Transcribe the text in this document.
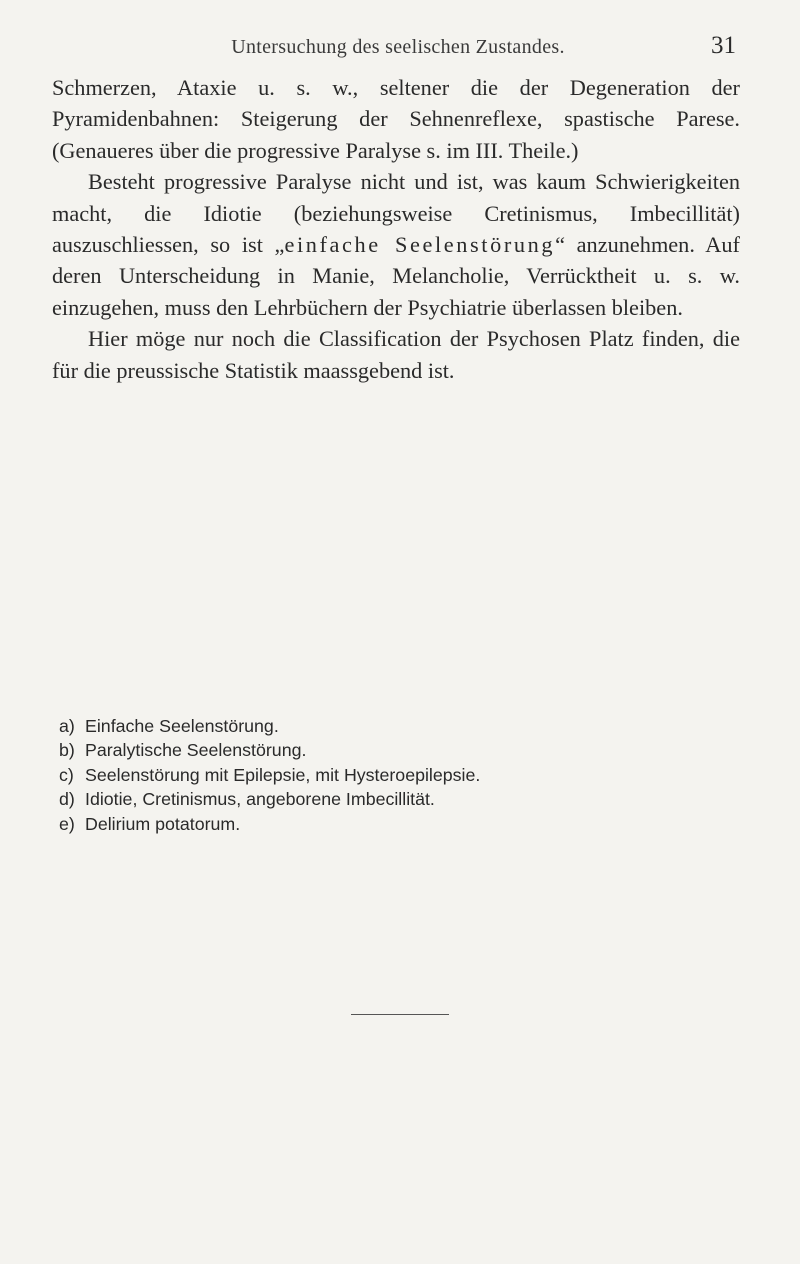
Untersuchung des seelischen Zustandes.	31

Schmerzen, Ataxie u. s. w., seltener die der Degeneration der Pyramidenbahnen: Steigerung der Sehnenreflexe, spastische Parese. (Genaueres über die progressive Paralyse s. im III. Theile.)

Besteht progressive Paralyse nicht und ist, was kaum Schwierigkeiten macht, die Idiotie (beziehungsweise Cretinismus, Imbecillität) auszuschliessen, so ist „einfache Seelenstörung“ anzunehmen. Auf deren Unterscheidung in Manie, Melancholie, Verrücktheit u. s. w. einzugehen, muss den Lehrbüchern der Psychiatrie überlassen bleiben.

Hier möge nur noch die Classification der Psychosen Platz finden, die für die preussische Statistik maassgebend ist.

a) Einfache Seelenstörung.
b) Paralytische Seelenstörung.
c) Seelenstörung mit Epilepsie, mit Hysteroepilepsie.
d) Idiotie, Cretinismus, angeborene Imbecillität.
e) Delirium potatorum.
